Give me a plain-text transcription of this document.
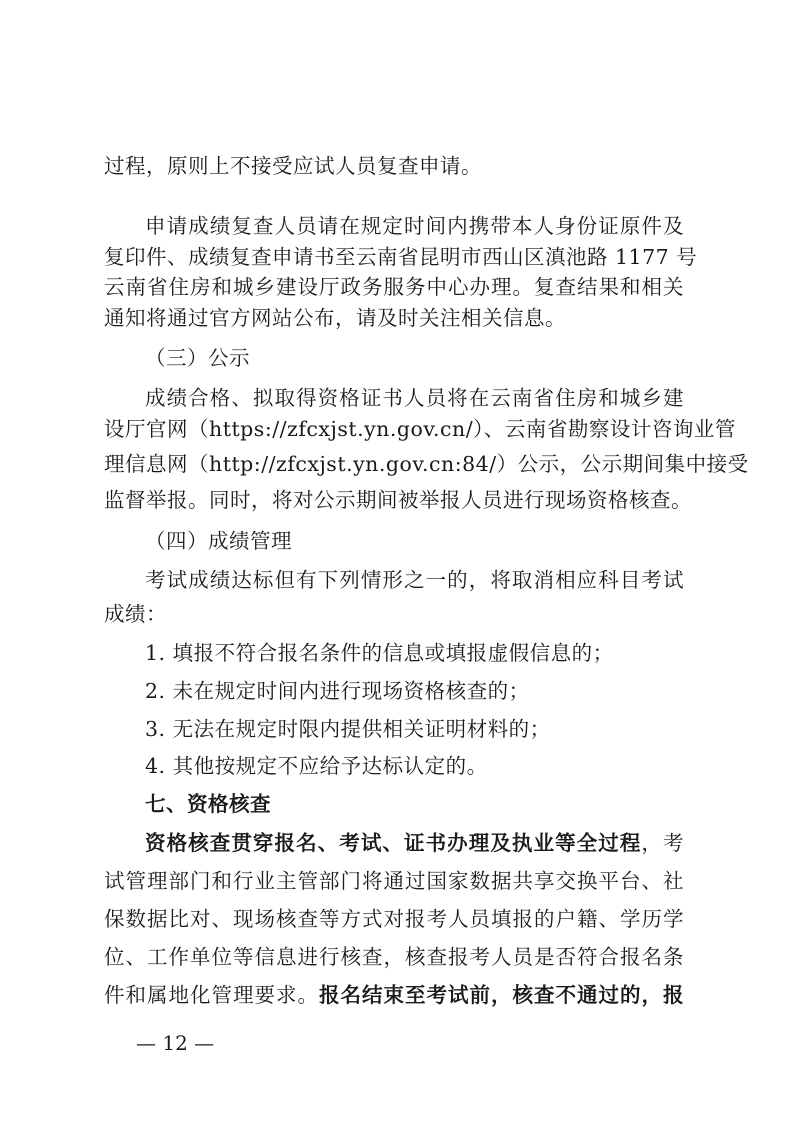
过程，原则上不接受应试人员复查申请。
申请成绩复查人员请在规定时间内携带本人身份证原件及
复印件、成绩复查申请书至云南省昆明市西山区滇池路 1177 号
云南省住房和城乡建设厅政务服务中心办理。复查结果和相关
通知将通过官方网站公布，请及时关注相关信息。
（三）公示
成绩合格、拟取得资格证书人员将在云南省住房和城乡建
设厅官网（https://zfcxjst.yn.gov.cn/）、云南省勘察设计咨询业管
理信息网（http://zfcxjst.yn.gov.cn:84/）公示，公示期间集中接受
监督举报。同时，将对公示期间被举报人员进行现场资格核查。
（四）成绩管理
考试成绩达标但有下列情形之一的，将取消相应科目考试
成绩：
1. 填报不符合报名条件的信息或填报虚假信息的；
2. 未在规定时间内进行现场资格核查的；
3. 无法在规定时限内提供相关证明材料的；
4. 其他按规定不应给予达标认定的。
七、资格核查
资格核查贯穿报名、考试、证书办理及执业等全过程，考
试管理部门和行业主管部门将通过国家数据共享交换平台、社
保数据比对、现场核查等方式对报考人员填报的户籍、学历学
位、工作单位等信息进行核查，核查报考人员是否符合报名条
件和属地化管理要求。报名结束至考试前，核查不通过的，报
— 12 —
